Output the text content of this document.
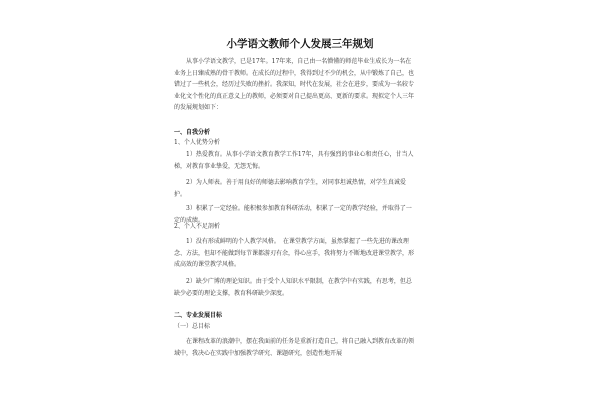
小学语文教师个人发展三年规划
从事小学语文教学，已是17年。17年来，自己由一名懵懂的师范毕业生成长为一名在业务上日臻成熟的骨干教师。在成长的过程中，我得到过不少的机会，从中锻炼了自己，也错过了一些机会，经历过失败的挫折。我深知，时代在发展，社会在进步，要成为一名较专业化文个性化的真正意义上的教师，必须要对自己提出更高、更新的要求。现拟定个人三年的发展规划如下：
一、自我分析
1、个人优势分析
1）热爱教育。从事小学语文教育教学工作17年，具有强烈的事业心和责任心，甘当人梯，对教育事业挚爱，无怨无悔。
2）为人师表。善于用良好的师德去影响教育学生，对同事坦诚热情，对学生真诚爱护。
3）积累了一定经验。能积极参加教育科研活动，积累了一定的教学经验，并取得了一定的成绩。
2、个人不足剖析
1）没有形成鲜明的个人教学风格。　在课堂教学方面，虽然掌握了一些先进的课改理念、方法，但却不能做到每节课都游刃有余，得心应手，我将努力不断地改进课堂教学，形成高效的课堂教学风格。
2）缺少广博的理论知识。由于受个人知识水平限制，在教学中有实践，有思考，但总缺少必要的理论支撑，教育科研缺少深度。
二、专业发展目标
（一）总目标
在课程改革的浪潮中，摆在我面前的任务是重新打造自己，将自己融入到教育改革的领域中，我决心在实践中加强教学研究、课题研究，创造性地开展
